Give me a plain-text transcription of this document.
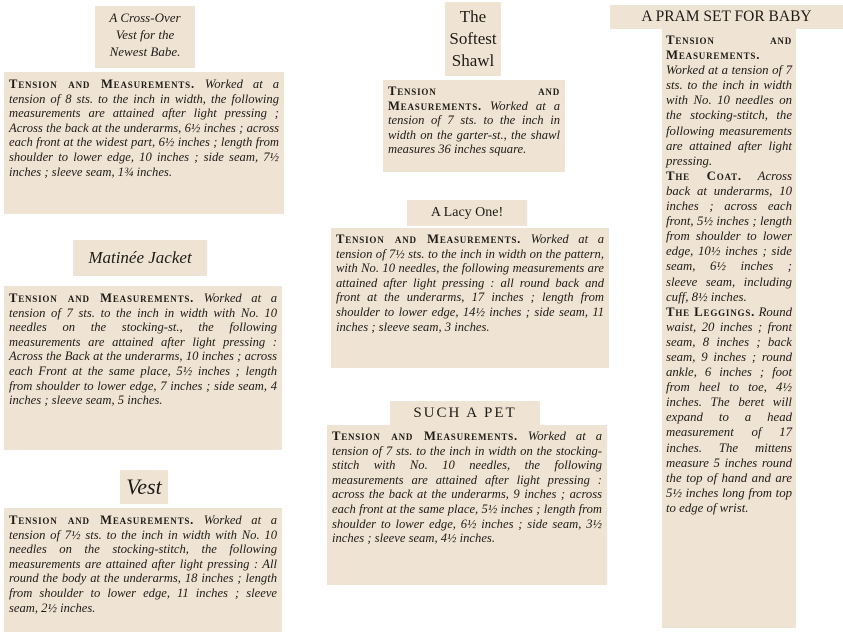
A Cross-Over Vest for the Newest Babe.
Tension and Measurements. Worked at a tension of 8 sts. to the inch in width, the following measurements are attained after light pressing ; Across the back at the underarms, 6½ inches ; across each front at the widest part, 6½ inches ; length from shoulder to lower edge, 10 inches ; side seam, 7½ inches ; sleeve seam, 1¾ inches.
Matinée Jacket
Tension and Measurements. Worked at a tension of 7 sts. to the inch in width with No. 10 needles on the stocking-st., the following measurements are attained after light pressing : Across the Back at the underarms, 10 inches ; across each Front at the same place, 5½ inches ; length from shoulder to lower edge, 7 inches ; side seam, 4 inches ; sleeve seam, 5 inches.
Vest
Tension and Measurements. Worked at a tension of 7½ sts. to the inch in width with No. 10 needles on the stocking-stitch, the following measurements are attained after light pressing : All round the body at the underarms, 18 inches ; length from shoulder to lower edge, 11 inches ; sleeve seam, 2½ inches.
The Softest Shawl
Tension and Measurements. Worked at a tension of 7 sts. to the inch in width on the garter-st., the shawl measures 36 inches square.
A Lacy One!
Tension and Measurements. Worked at a tension of 7½ sts. to the inch in width on the pattern, with No. 10 needles, the following measurements are attained after light pressing : all round back and front at the underarms, 17 inches ; length from shoulder to lower edge, 14½ inches ; side seam, 11 inches ; sleeve seam, 3 inches.
SUCH A PET
Tension and Measurements. Worked at a tension of 7 sts. to the inch in width on the stocking-stitch with No. 10 needles, the following measurements are attained after light pressing : across the back at the underarms, 9 inches ; across each front at the same place, 5½ inches ; length from shoulder to lower edge, 6½ inches ; side seam, 3½ inches ; sleeve seam, 4½ inches.
A PRAM SET FOR BABY
Tension and Measurements. Worked at a tension of 7 sts. to the inch in width with No. 10 needles on the stocking-stitch, the following measurements are attained after light pressing.
The Coat. Across back at underarms, 10 inches ; across each front, 5½ inches ; length from shoulder to lower edge, 10½ inches ; side seam, 6½ inches ; sleeve seam, including cuff, 8½ inches.
The Leggings. Round waist, 20 inches ; front seam, 8 inches ; back seam, 9 inches ; round ankle, 6 inches ; foot from heel to toe, 4½ inches. The beret will expand to a head measurement of 17 inches. The mittens measure 5 inches round the top of hand and are 5½ inches long from top to edge of wrist.
